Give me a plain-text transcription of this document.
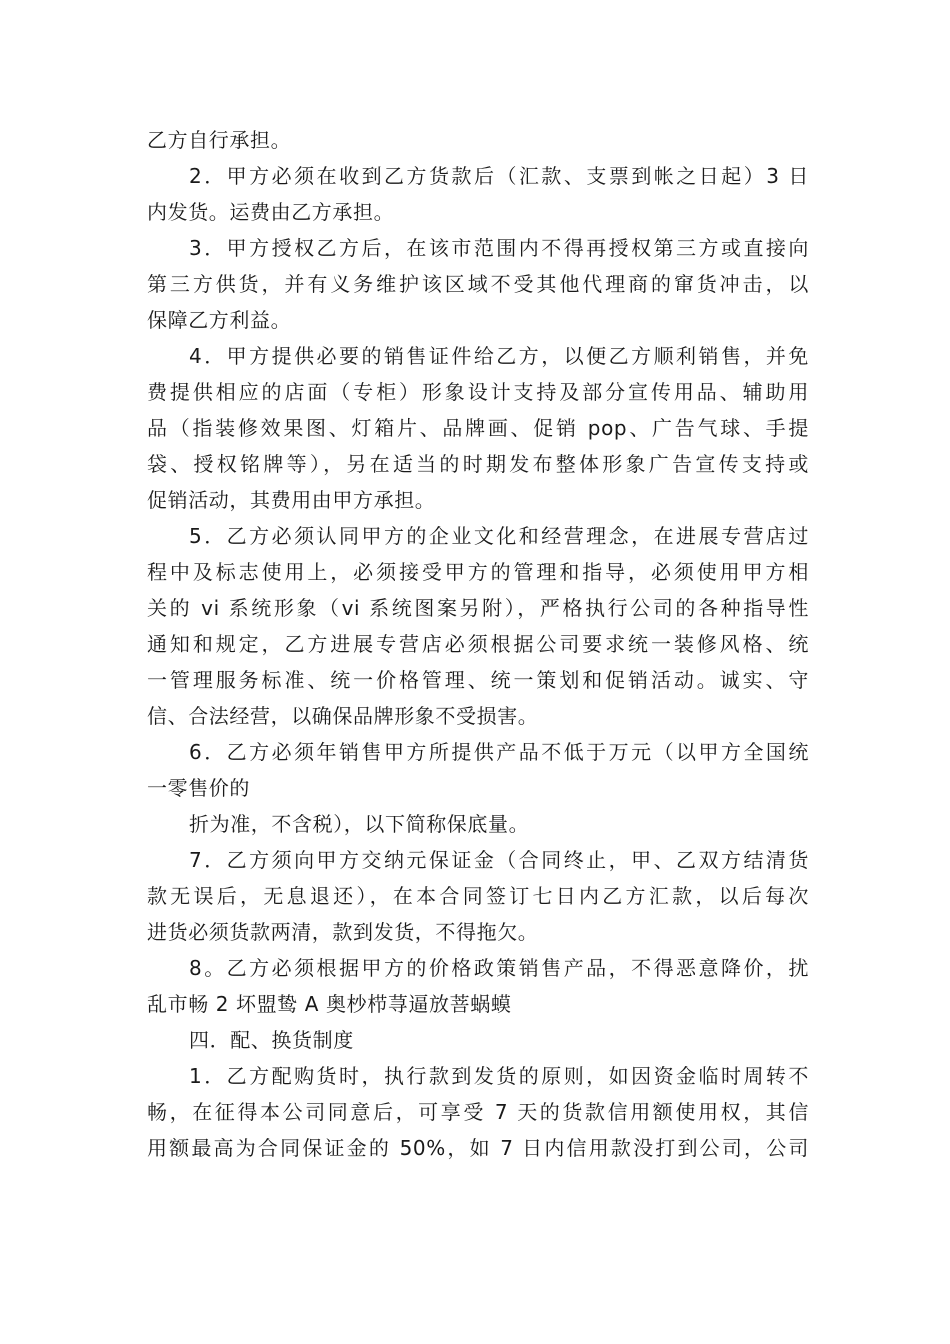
乙方自行承担。
2．甲方必须在收到乙方货款后（汇款、支票到帐之日起）3 日
内发货。运费由乙方承担。
3．甲方授权乙方后，在该市范围内不得再授权第三方或直接向
第三方供货，并有义务维护该区域不受其他代理商的窜货冲击，以
保障乙方利益。
4．甲方提供必要的销售证件给乙方，以便乙方顺利销售，并免
费提供相应的店面（专柜）形象设计支持及部分宣传用品、辅助用
品（指装修效果图、灯箱片、品牌画、促销 pop、广告气球、手提
袋、授权铭牌等），另在适当的时期发布整体形象广告宣传支持或
促销活动，其费用由甲方承担。
5．乙方必须认同甲方的企业文化和经营理念，在进展专营店过
程中及标志使用上，必须接受甲方的管理和指导，必须使用甲方相
关的 vi 系统形象（vi 系统图案另附），严格执行公司的各种指导性
通知和规定，乙方进展专营店必须根据公司要求统一装修风格、统
一管理服务标准、统一价格管理、统一策划和促销活动。诚实、守
信、合法经营，以确保品牌形象不受损害。
6．乙方必须年销售甲方所提供产品不低于万元（以甲方全国统
一零售价的
折为准，不含税），以下简称保底量。
7．乙方须向甲方交纳元保证金（合同终止，甲、乙双方结清货
款无误后，无息退还），在本合同签订七日内乙方汇款，以后每次
进货必须货款两清，款到发货，不得拖欠。
8。乙方必须根据甲方的价格政策销售产品，不得恶意降价，扰
乱市畅 2 坏盟鸷 A 奥杪栉荨逼放菩蜗蟆
四．配、换货制度
1．乙方配购货时，执行款到发货的原则，如因资金临时周转不
畅，在征得本公司同意后，可享受 7 天的货款信用额使用权，其信
用额最高为合同保证金的 50%，如 7 日内信用款没打到公司，公司
